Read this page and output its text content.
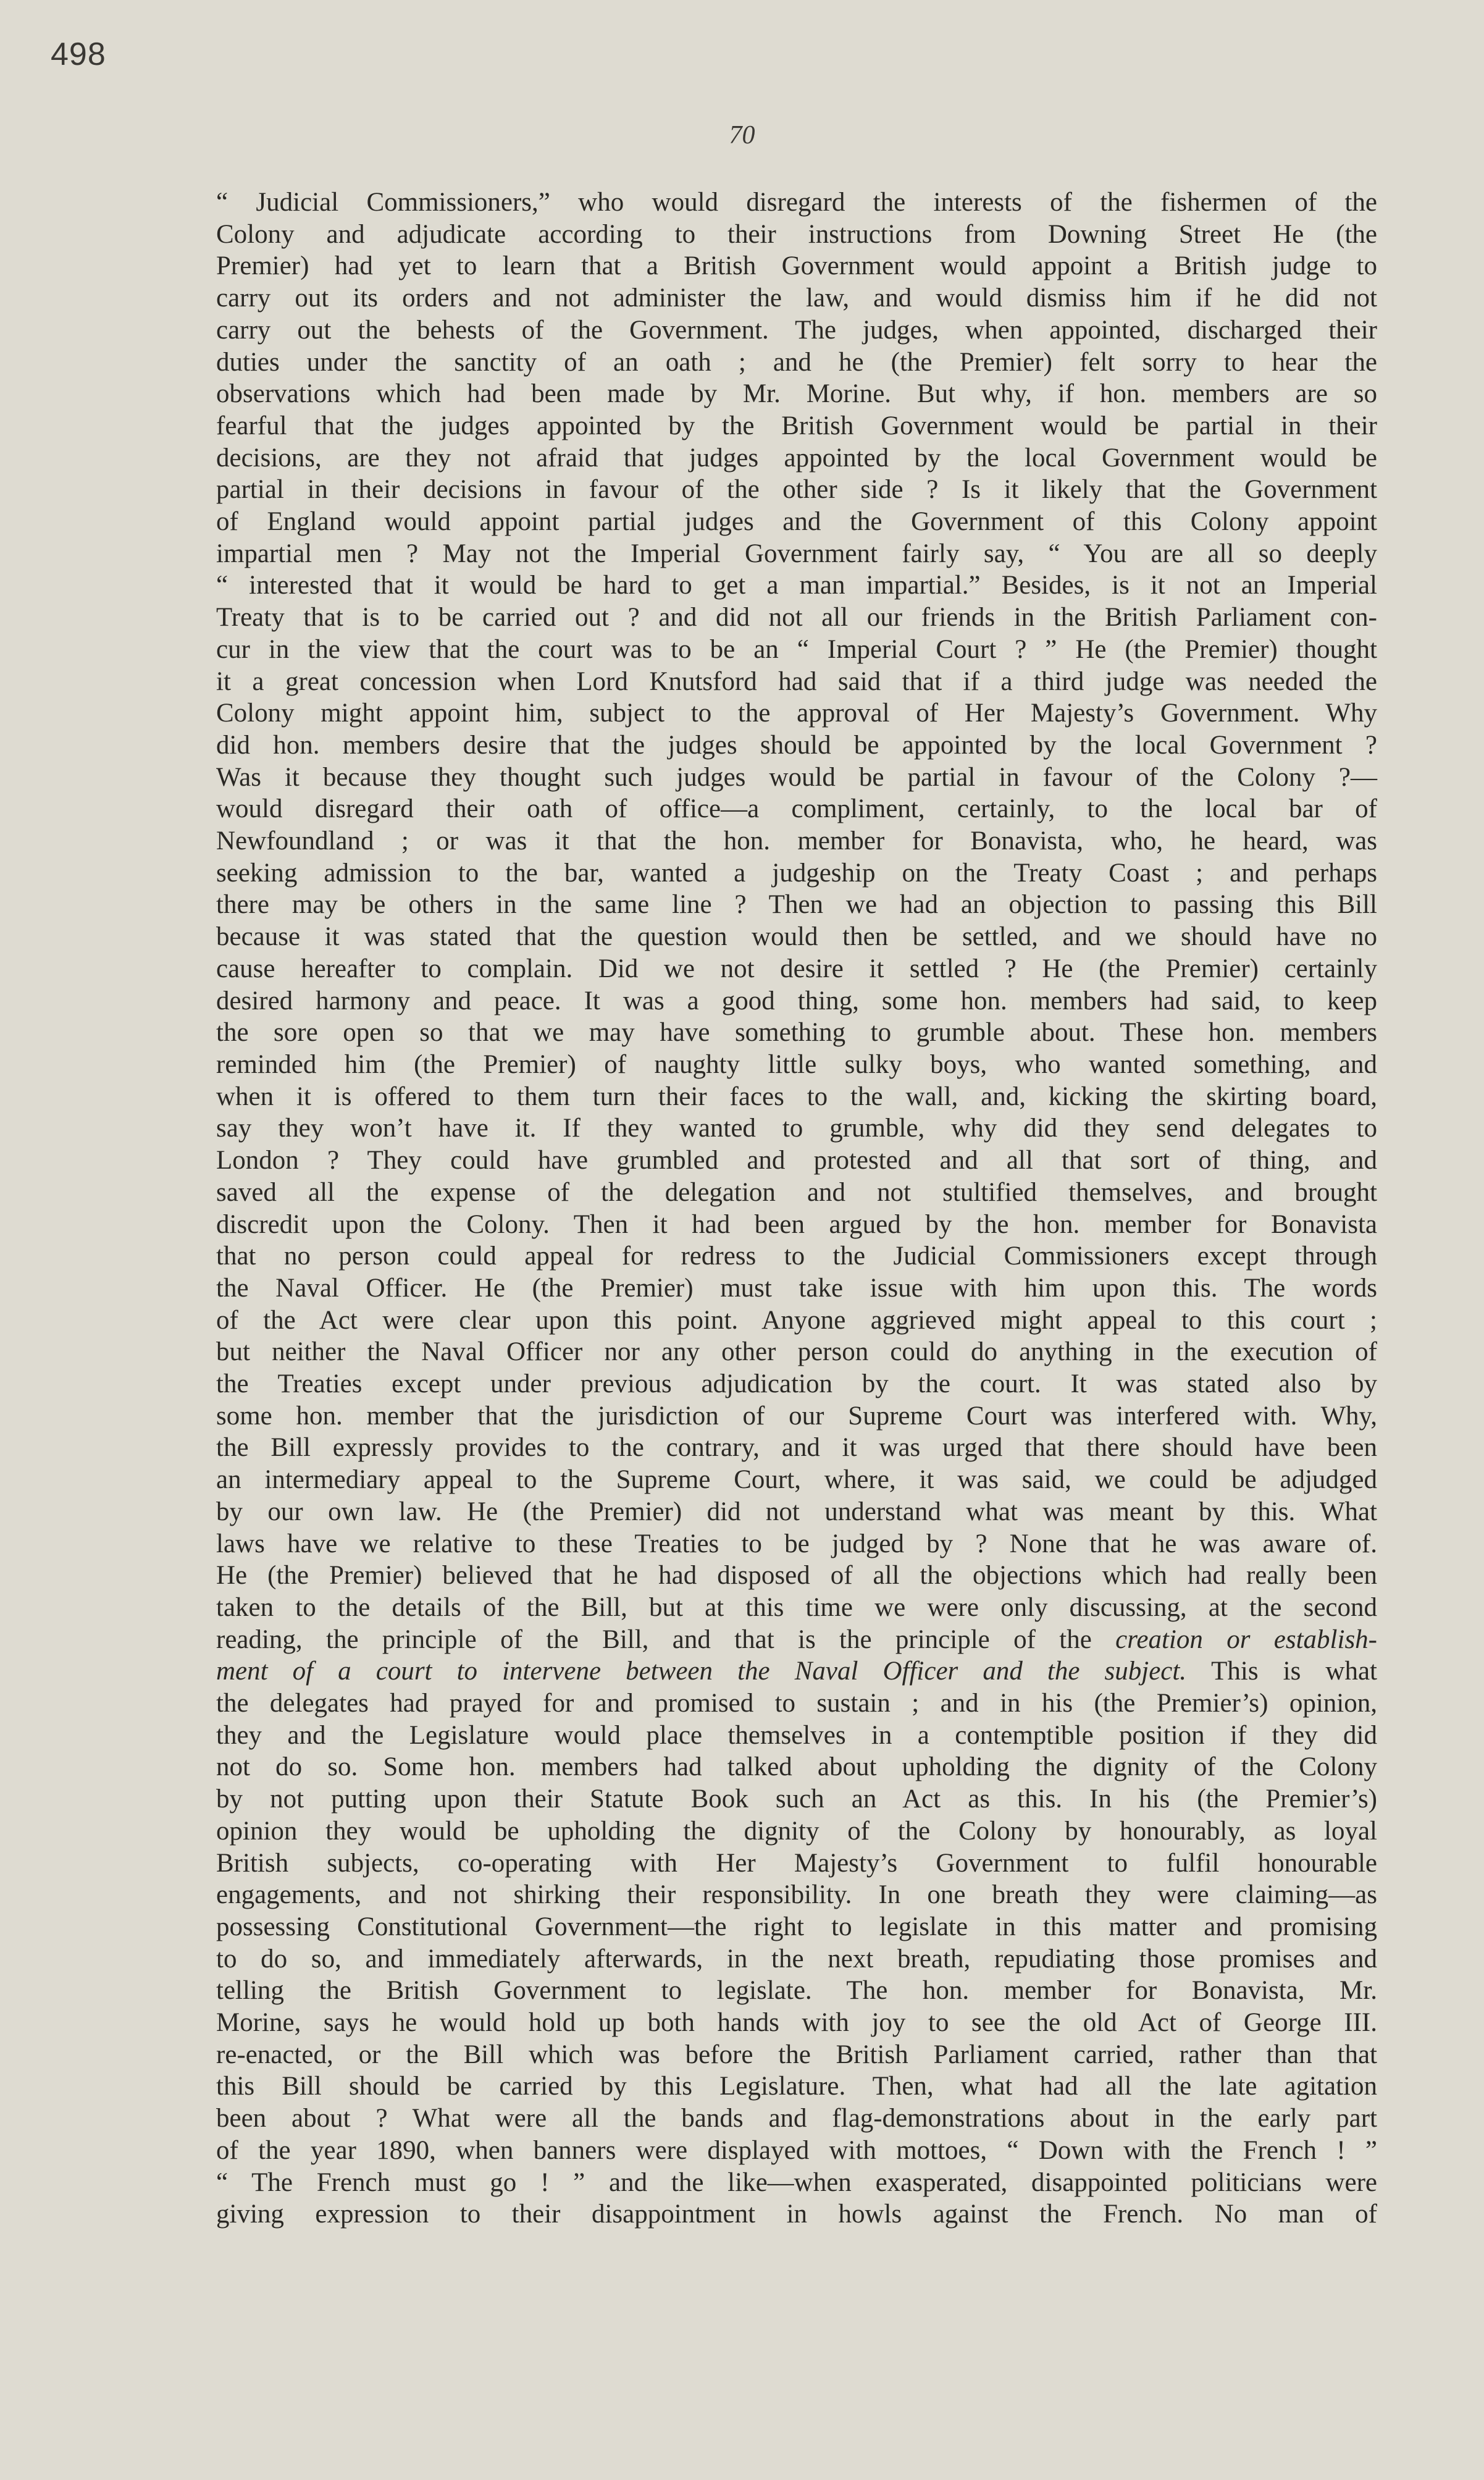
498
70
“ Judicial Commissioners,” who would disregard the interests of the fishermen of the
Colony and adjudicate according to their instructions from Downing Street He (the
Premier) had yet to learn that a British Government would appoint a British judge to
carry out its orders and not administer the law, and would dismiss him if he did not
carry out the behests of the Government. The judges, when appointed, discharged their
duties under the sanctity of an oath ; and he (the Premier) felt sorry to hear the
observations which had been made by Mr. Morine. But why, if hon. members are so
fearful that the judges appointed by the British Government would be partial in their
decisions, are they not afraid that judges appointed by the local Government would be
partial in their decisions in favour of the other side ? Is it likely that the Government
of England would appoint partial judges and the Government of this Colony appoint
impartial men ? May not the Imperial Government fairly say, “ You are all so deeply
“ interested that it would be hard to get a man impartial.” Besides, is it not an Imperial
Treaty that is to be carried out ? and did not all our friends in the British Parliament con-
cur in the view that the court was to be an “ Imperial Court ? ” He (the Premier) thought
it a great concession when Lord Knutsford had said that if a third judge was needed the
Colony might appoint him, subject to the approval of Her Majesty’s Government. Why
did hon. members desire that the judges should be appointed by the local Government ?
Was it because they thought such judges would be partial in favour of the Colony ?—
would disregard their oath of office—a compliment, certainly, to the local bar of
Newfoundland ; or was it that the hon. member for Bonavista, who, he heard, was
seeking admission to the bar, wanted a judgeship on the Treaty Coast ; and perhaps
there may be others in the same line ? Then we had an objection to passing this Bill
because it was stated that the question would then be settled, and we should have no
cause hereafter to complain. Did we not desire it settled ? He (the Premier) certainly
desired harmony and peace. It was a good thing, some hon. members had said, to keep
the sore open so that we may have something to grumble about. These hon. members
reminded him (the Premier) of naughty little sulky boys, who wanted something, and
when it is offered to them turn their faces to the wall, and, kicking the skirting board,
say they won’t have it. If they wanted to grumble, why did they send delegates to
London ? They could have grumbled and protested and all that sort of thing, and
saved all the expense of the delegation and not stultified themselves, and brought
discredit upon the Colony. Then it had been argued by the hon. member for Bonavista
that no person could appeal for redress to the Judicial Commissioners except through
the Naval Officer. He (the Premier) must take issue with him upon this. The words
of the Act were clear upon this point. Anyone aggrieved might appeal to this court ;
but neither the Naval Officer nor any other person could do anything in the execution of
the Treaties except under previous adjudication by the court. It was stated also by
some hon. member that the jurisdiction of our Supreme Court was interfered with. Why,
the Bill expressly provides to the contrary, and it was urged that there should have been
an intermediary appeal to the Supreme Court, where, it was said, we could be adjudged
by our own law. He (the Premier) did not understand what was meant by this. What
laws have we relative to these Treaties to be judged by ? None that he was aware of.
He (the Premier) believed that he had disposed of all the objections which had really been
taken to the details of the Bill, but at this time we were only discussing, at the second
reading, the principle of the Bill, and that is the principle of the creation or establish-
ment of a court to intervene between the Naval Officer and the subject. This is what
the delegates had prayed for and promised to sustain ; and in his (the Premier’s) opinion,
they and the Legislature would place themselves in a contemptible position if they did
not do so. Some hon. members had talked about upholding the dignity of the Colony
by not putting upon their Statute Book such an Act as this. In his (the Premier’s)
opinion they would be upholding the dignity of the Colony by honourably, as loyal
British subjects, co-operating with Her Majesty’s Government to fulfil honourable
engagements, and not shirking their responsibility. In one breath they were claiming—as
possessing Constitutional Government—the right to legislate in this matter and promising
to do so, and immediately afterwards, in the next breath, repudiating those promises and
telling the British Government to legislate. The hon. member for Bonavista, Mr.
Morine, says he would hold up both hands with joy to see the old Act of George III.
re-enacted, or the Bill which was before the British Parliament carried, rather than that
this Bill should be carried by this Legislature. Then, what had all the late agitation
been about ? What were all the bands and flag-demonstrations about in the early part
of the year 1890, when banners were displayed with mottoes, “ Down with the French ! ”
“ The French must go ! ” and the like—when exasperated, disappointed politicians were
giving expression to their disappointment in howls against the French. No man of
